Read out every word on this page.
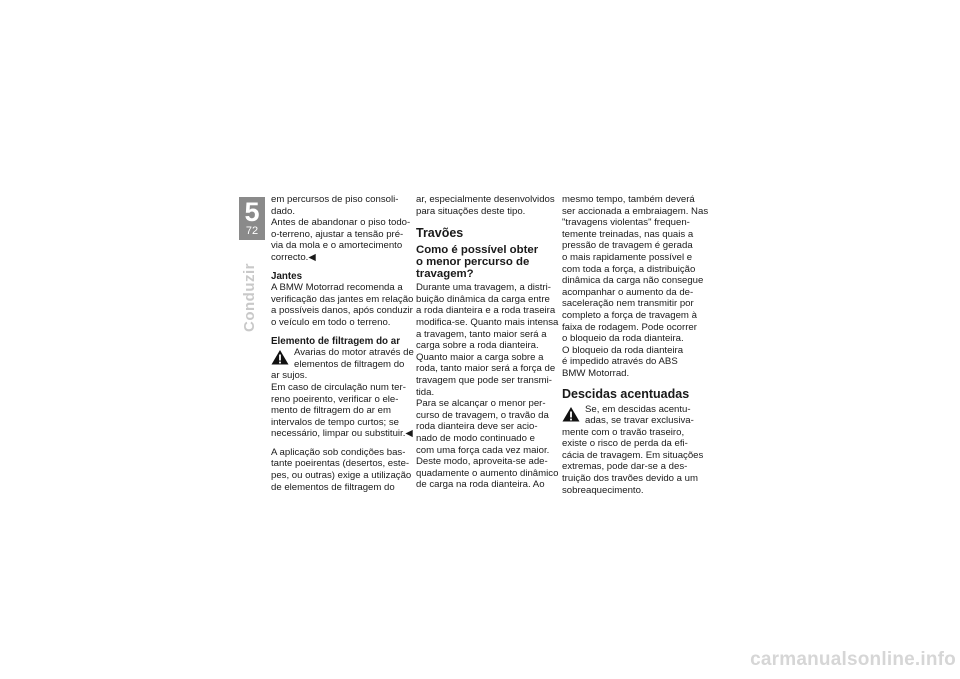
5
72
Conduzir
em percursos de piso consoli-
dado.
Antes de abandonar o piso todo-
o-terreno, ajustar a tensão pré-
via da mola e o amortecimento
correcto.◀
Jantes
A BMW Motorrad recomenda a
verificação das jantes em relação
a possíveis danos, após conduzir
o veículo em todo o terreno.
Elemento de filtragem do ar
Avarias do motor através de
elementos de filtragem do
ar sujos.
Em caso de circulação num ter-
reno poeirento, verificar o ele-
mento de filtragem do ar em
intervalos de tempo curtos; se
necessário, limpar ou substituir.◀
A aplicação sob condições bas-
tante poeirentas (desertos, este-
pes, ou outras) exige a utilização
de elementos de filtragem do
ar, especialmente desenvolvidos
para situações deste tipo.
Travões
Como é possível obter
o menor percurso de
travagem?
Durante uma travagem, a distri-
buição dinâmica da carga entre
a roda dianteira e a roda traseira
modifica-se. Quanto mais intensa
a travagem, tanto maior será a
carga sobre a roda dianteira.
Quanto maior a carga sobre a
roda, tanto maior será a força de
travagem que pode ser transmi-
tida.
Para se alcançar o menor per-
curso de travagem, o travão da
roda dianteira deve ser acio-
nado de modo continuado e
com uma força cada vez maior.
Deste modo, aproveita-se ade-
quadamente o aumento dinâmico
de carga na roda dianteira. Ao
mesmo tempo, também deverá
ser accionada a embraiagem. Nas
"travagens violentas" frequen-
temente treinadas, nas quais a
pressão de travagem é gerada
o mais rapidamente possível e
com toda a força, a distribuição
dinâmica da carga não consegue
acompanhar o aumento da de-
saceleração nem transmitir por
completo a força de travagem à
faixa de rodagem. Pode ocorrer
o bloqueio da roda dianteira.
O bloqueio da roda dianteira
é impedido através do ABS
BMW Motorrad.
Descidas acentuadas
Se, em descidas acentu-
adas, se travar exclusiva-
mente com o travão traseiro,
existe o risco de perda da efi-
cácia de travagem. Em situações
extremas, pode dar-se a des-
truição dos travões devido a um
sobreaquecimento.
carmanualsonline.info
